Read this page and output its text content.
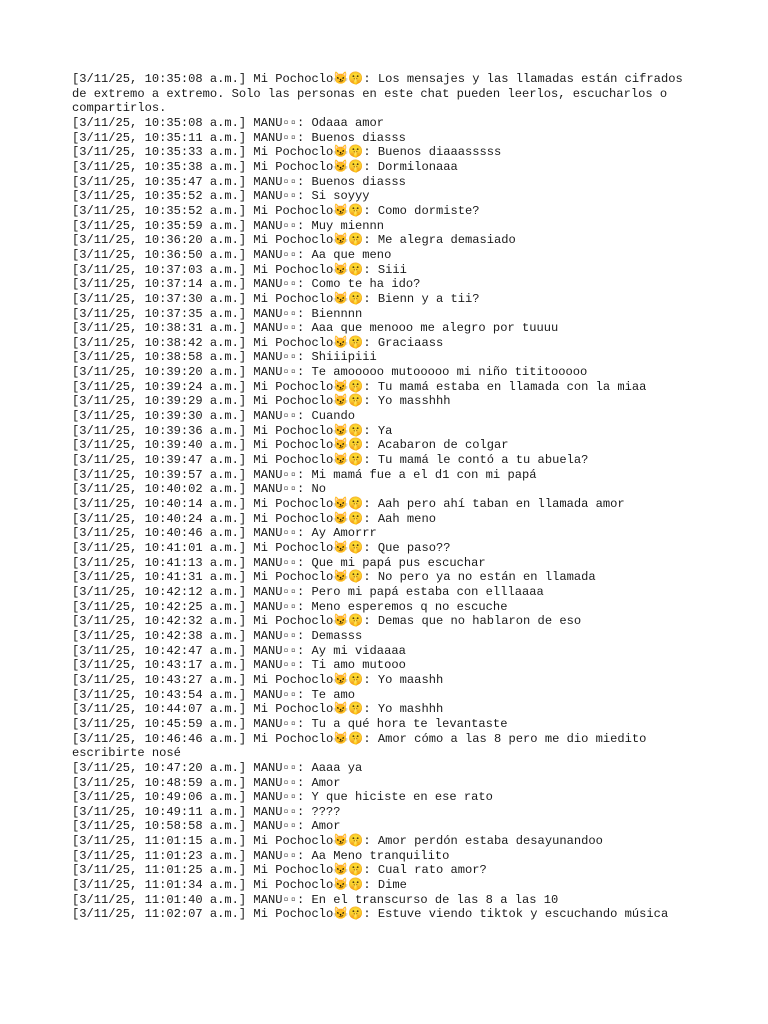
[3/11/25, 10:35:08 a.m.] Mi Pochoclo😼🤫: Los mensajes y las llamadas están cifrados de extremo a extremo. Solo las personas en este chat pueden leerlos, escucharlos o compartirlos.
[3/11/25, 10:35:08 a.m.] MANU▫▫: Odaaa amor
[3/11/25, 10:35:11 a.m.] MANU▫▫: Buenos diasss
[3/11/25, 10:35:33 a.m.] Mi Pochoclo😼🤫: Buenos diaaasssss
[3/11/25, 10:35:38 a.m.] Mi Pochoclo😼🤫: Dormilonaaa
[3/11/25, 10:35:47 a.m.] MANU▫▫: Buenos diasss
[3/11/25, 10:35:52 a.m.] MANU▫▫: Si soyyy
[3/11/25, 10:35:52 a.m.] Mi Pochoclo😼🤫: Como dormiste?
[3/11/25, 10:35:59 a.m.] MANU▫▫: Muy miennn
[3/11/25, 10:36:20 a.m.] Mi Pochoclo😼🤫: Me alegra demasiado
[3/11/25, 10:36:50 a.m.] MANU▫▫: Aa que meno
[3/11/25, 10:37:03 a.m.] Mi Pochoclo😼🤫: Siii
[3/11/25, 10:37:14 a.m.] MANU▫▫: Como te ha ido?
[3/11/25, 10:37:30 a.m.] Mi Pochoclo😼🤫: Bienn y a tii?
[3/11/25, 10:37:35 a.m.] MANU▫▫: Biennnn
[3/11/25, 10:38:31 a.m.] MANU▫▫: Aaa que menooo me alegro por tuuuu
[3/11/25, 10:38:42 a.m.] Mi Pochoclo😼🤫: Graciaass
[3/11/25, 10:38:58 a.m.] MANU▫▫: Shiiipiii
[3/11/25, 10:39:20 a.m.] MANU▫▫: Te amooooo mutooooo mi niño tititooooo
[3/11/25, 10:39:24 a.m.] Mi Pochoclo😼🤫: Tu mamá estaba en llamada con la miaa
[3/11/25, 10:39:29 a.m.] Mi Pochoclo😼🤫: Yo masshhh
[3/11/25, 10:39:30 a.m.] MANU▫▫: Cuando
[3/11/25, 10:39:36 a.m.] Mi Pochoclo😼🤫: Ya
[3/11/25, 10:39:40 a.m.] Mi Pochoclo😼🤫: Acabaron de colgar
[3/11/25, 10:39:47 a.m.] Mi Pochoclo😼🤫: Tu mamá le contó a tu abuela?
[3/11/25, 10:39:57 a.m.] MANU▫▫: Mi mamá fue a el d1 con mi papá
[3/11/25, 10:40:02 a.m.] MANU▫▫: No
[3/11/25, 10:40:14 a.m.] Mi Pochoclo😼🤫: Aah pero ahí taban en llamada amor
[3/11/25, 10:40:24 a.m.] Mi Pochoclo😼🤫: Aah meno
[3/11/25, 10:40:46 a.m.] MANU▫▫: Ay Amorrr
[3/11/25, 10:41:01 a.m.] Mi Pochoclo😼🤫: Que paso??
[3/11/25, 10:41:13 a.m.] MANU▫▫: Que mi papá pus escuchar
[3/11/25, 10:41:31 a.m.] Mi Pochoclo😼🤫: No pero ya no están en llamada
[3/11/25, 10:42:12 a.m.] MANU▫▫: Pero mi papá estaba con elllaaaa
[3/11/25, 10:42:25 a.m.] MANU▫▫: Meno esperemos q no escuche
[3/11/25, 10:42:32 a.m.] Mi Pochoclo😼🤫: Demas que no hablaron de eso
[3/11/25, 10:42:38 a.m.] MANU▫▫: Demasss
[3/11/25, 10:42:47 a.m.] MANU▫▫: Ay mi vidaaaa
[3/11/25, 10:43:17 a.m.] MANU▫▫: Ti amo mutooo
[3/11/25, 10:43:27 a.m.] Mi Pochoclo😼🤫: Yo maashh
[3/11/25, 10:43:54 a.m.] MANU▫▫: Te amo
[3/11/25, 10:44:07 a.m.] Mi Pochoclo😼🤫: Yo mashhh
[3/11/25, 10:45:59 a.m.] MANU▫▫: Tu a qué hora te levantaste
[3/11/25, 10:46:46 a.m.] Mi Pochoclo😼🤫: Amor cómo a las 8 pero me dio miedito escribirte nosé
[3/11/25, 10:47:20 a.m.] MANU▫▫: Aaaa ya
[3/11/25, 10:48:59 a.m.] MANU▫▫: Amor
[3/11/25, 10:49:06 a.m.] MANU▫▫: Y que hiciste en ese rato
[3/11/25, 10:49:11 a.m.] MANU▫▫: ????
[3/11/25, 10:58:58 a.m.] MANU▫▫: Amor
[3/11/25, 11:01:15 a.m.] Mi Pochoclo😼🤫: Amor perdón estaba desayunandoo
[3/11/25, 11:01:23 a.m.] MANU▫▫: Aa Meno tranquilito
[3/11/25, 11:01:25 a.m.] Mi Pochoclo😼🤫: Cual rato amor?
[3/11/25, 11:01:34 a.m.] Mi Pochoclo😼🤫: Dime
[3/11/25, 11:01:40 a.m.] MANU▫▫: En el transcurso de las 8 a las 10
[3/11/25, 11:02:07 a.m.] Mi Pochoclo😼🤫: Estuve viendo tiktok y escuchando música
